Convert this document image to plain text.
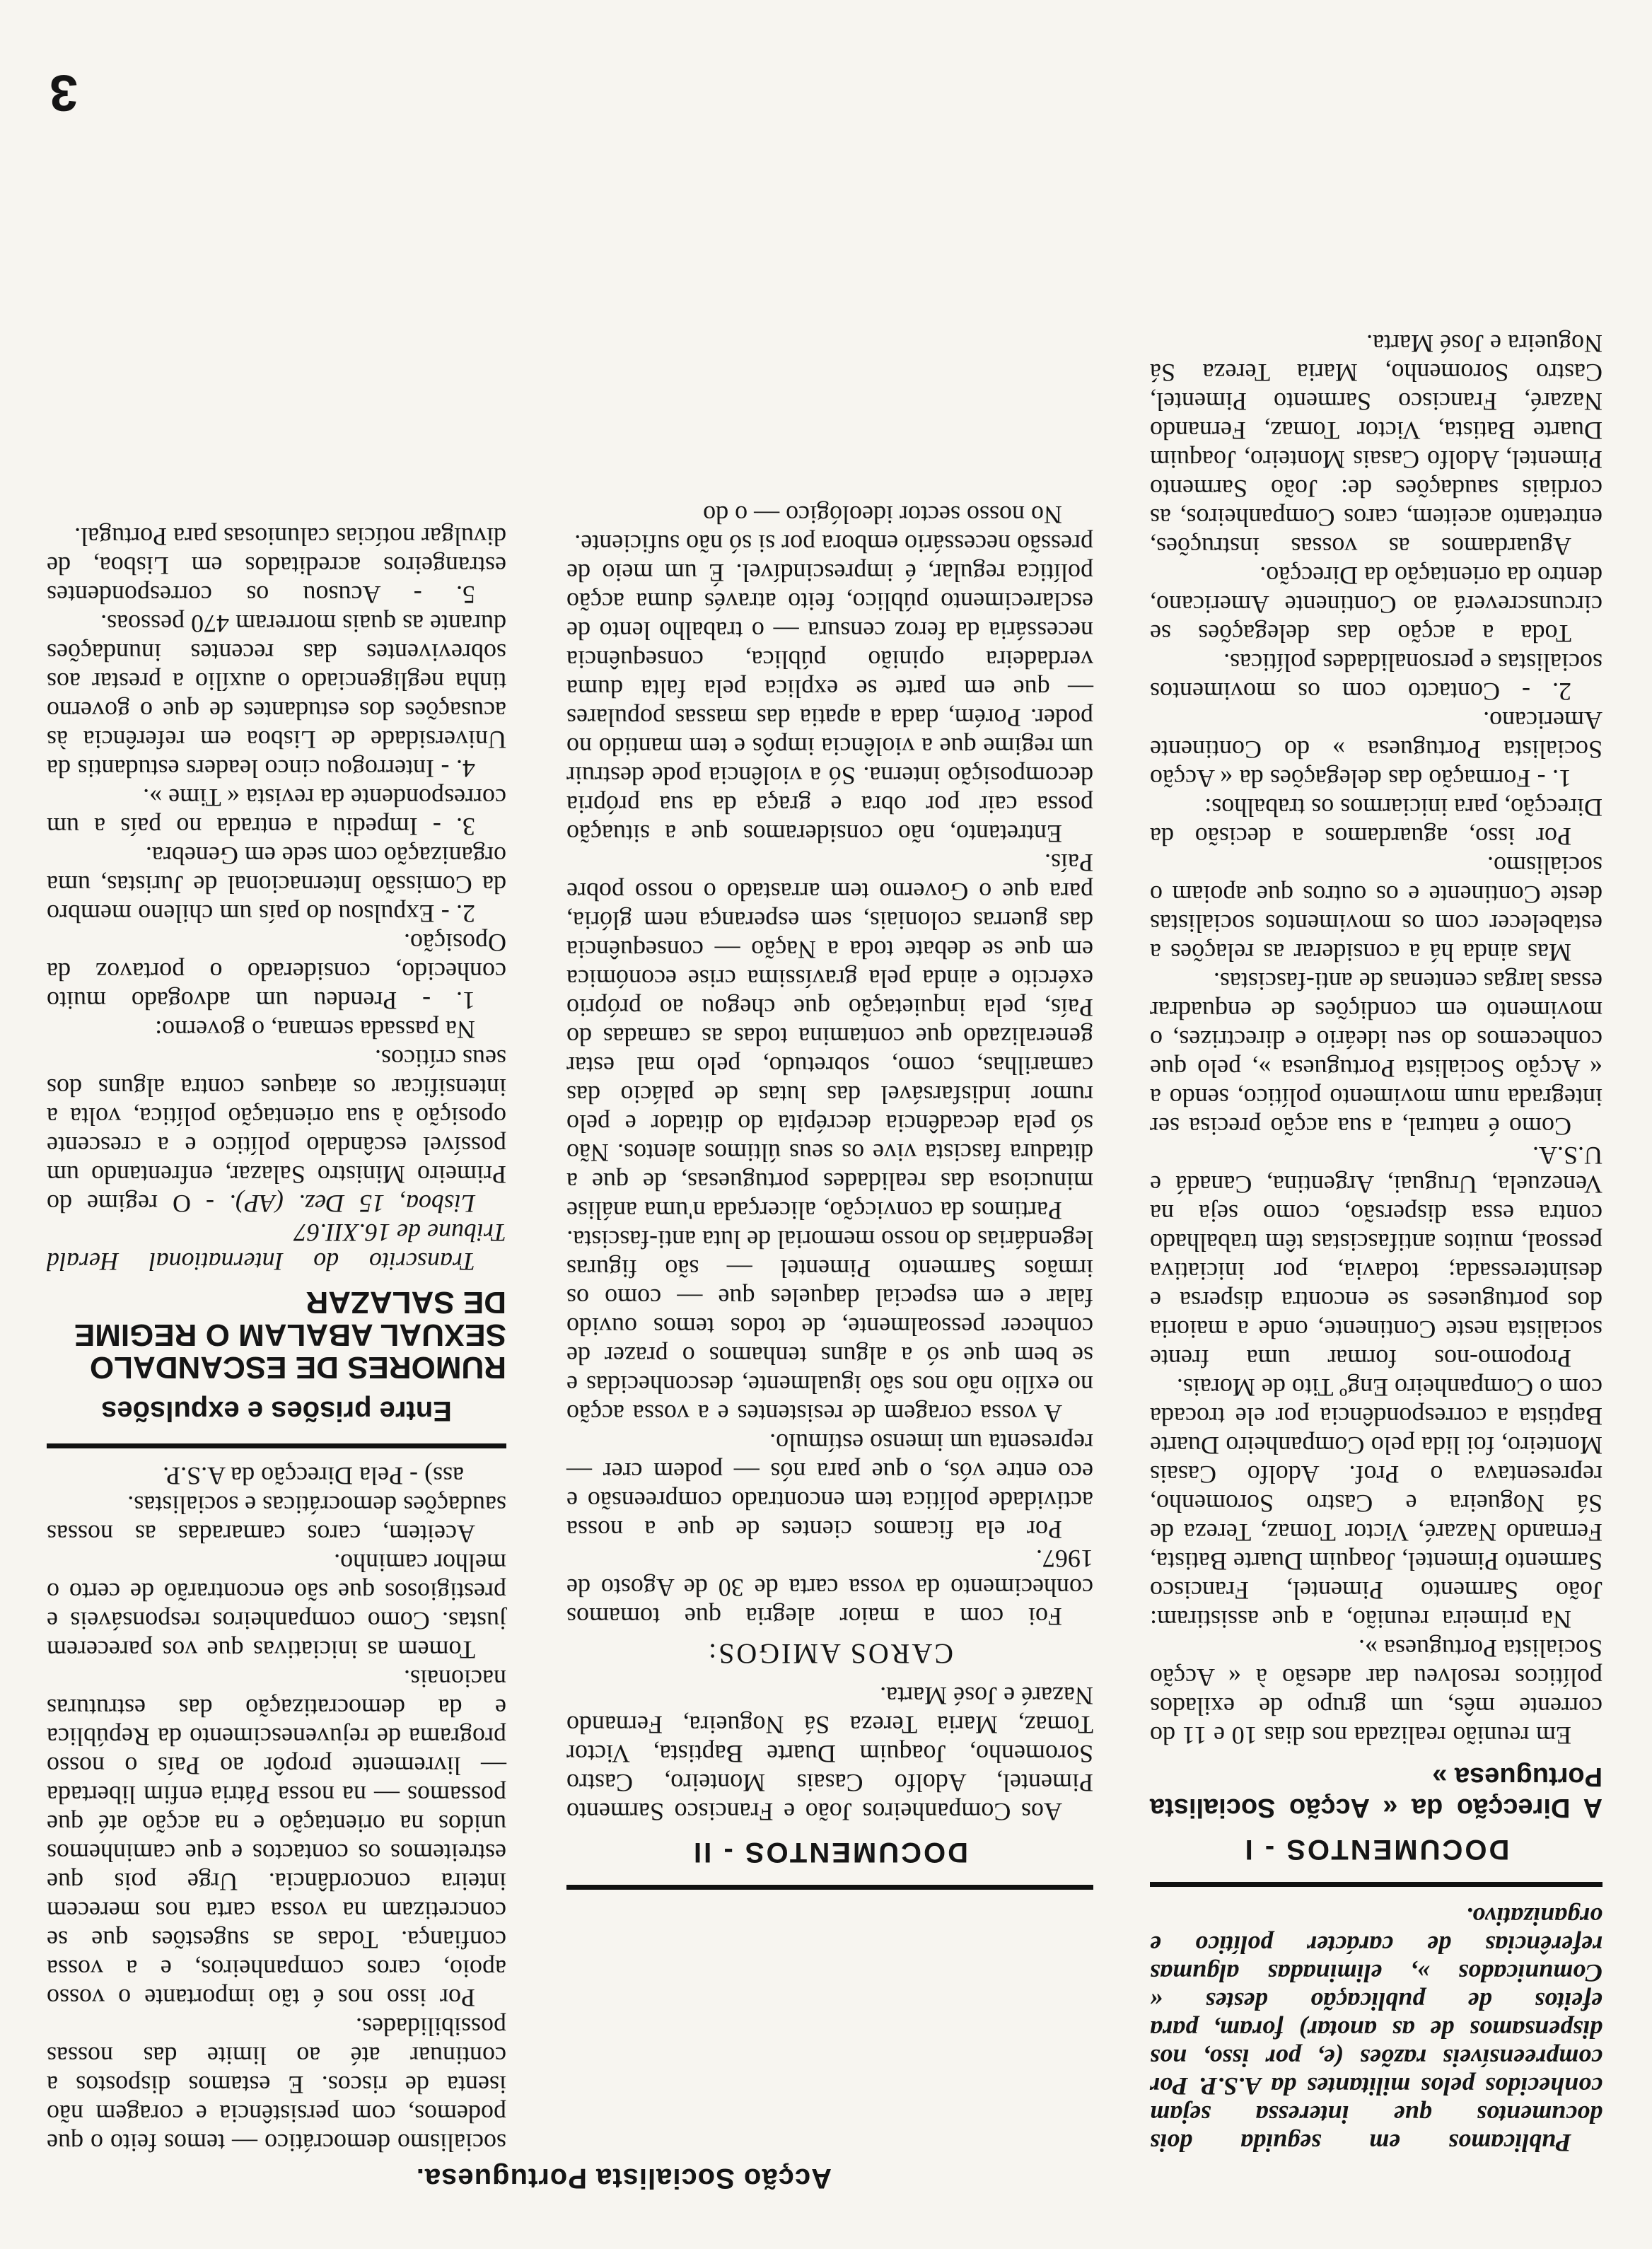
Acção Socialista Portuguesa.

Publicamos em seguida dois documentos que interessa sejam conhecidos pelos militantes da A.S.P. Por compreensíveis razões (e, por isso, nos dispensamos de as anotar) foram, para efeitos de publicação destes « Comunicados », eliminadas algumas referências de carácter político e organizativo.

DOCUMENTOS - I
A Direcção da « Acção Socialista Portuguesa »

Em reunião realizada nos dias 10 e 11 do corrente mês, um grupo de exilados políticos resolveu dar adesão à « Acção Socialista Portuguesa ».

Na primeira reunião, a que assistiram: João Sarmento Pimentel, Francisco Sarmento Pimentel, Joaquim Duarte Batista, Fernando Nazaré, Victor Tomaz, Tereza de Sá Nogueira e Castro Soromenho, representava o Prof. Adolfo Casais Monteiro, foi lida pelo Companheiro Duarte Baptista a correspondência por ele trocada com o Companheiro Engº Tito de Morais.

Propomo-nos formar uma frente socialista neste Continente, onde a maioria dos portugueses se encontra dispersa e desinteressada; todavia, por iniciativa pessoal, muitos antifascistas têm trabalhado contra essa dispersão, como seja na Venezuela, Uruguai, Argentina, Canadá e U.S.A.

Como é natural, a sua acção precisa ser integrada num movimento político, sendo a « Acção Socialista Portuguesa », pelo que conhecemos do seu ideário e directrizes, o movimento em condições de enquadrar essas largas centenas de anti-fascistas.

Mas ainda há a considerar as relações a estabelecer com os movimentos socialistas deste Continente e os outros que apoiam o socialismo.

Por isso, aguardamos a decisão da Direcção, para iniciarmos os trabalhos:

1. - Formação das delegações da « Acção Socialista Portuguesa » do Continente Americano.

2. - Contacto com os movimentos socialistas e personalidades políticas.

Toda a acção das delegações se circunscreverá ao Continente Americano, dentro da orientação da Direcção.

Aguardamos as vossas instruções, entretanto aceitem, caros Companheiros, as cordiais saudações de: João Sarmento Pimentel, Adolfo Casais Monteiro, Joaquim Duarte Batista, Victor Tomaz, Fernando Nazaré, Francisco Sarmento Pimentel, Castro Soromenho, Maria Tereza Sá Nogueira e José Marta.

DOCUMENTOS - II

Aos Companheiros João e Francisco Sarmento Pimentel, Adolfo Casais Monteiro, Castro Soromenho, Joaquim Duarte Baptista, Victor Tomaz, Maria Tereza Sá Nogueira, Fernando Nazaré e José Marta.

CAROS AMIGOS:

Foi com a maior alegria que tomamos conhecimento da vossa carta de 30 de Agosto de 1967.

Por ela ficamos cientes de que a nossa actividade política tem encontrado compreensão e eco entre vós, o que para nós — podem crer — representa um imenso estímulo.

A vossa coragem de resistentes e a vossa acção no exílio não nos são igualmente, desconhecidas e se bem que só a alguns tenhamos o prazer de conhecer pessoalmente, de todos temos ouvido falar e em especial daqueles que — como os irmãos Sarmento Pimentel — são figuras legendárias do nosso memorial de luta anti-fascista.

Partimos da convicção, alicerçada n'uma análise minuciosa das realidades portuguesas, de que a ditadura fascista vive os seus últimos alentos. Não só pela decadência decrépita do ditador e pelo rumor indisfarsável das lutas de palácio das camarilhas, como, sobretudo, pelo mal estar generalizado que contamina todas as camadas do País, pela inquietação que chegou ao próprio exército e ainda pela gravíssima crise económica em que se debate toda a Nação — consequência das guerras coloniais, sem esperança nem glória, para que o Governo tem arrastado o nosso pobre País.

Entretanto, não consideramos que a situação possa cair por obra e graça da sua própria decomposição interna. Só a violência pode destruir um regime que a violência impôs e tem mantido no poder. Porém, dada a apatia das massas populares — que em parte se explica pela falta duma verdadeira opinião pública, consequência necessária da feroz censura — o trabalho lento de esclarecimento público, feito através duma acção política regular, é imprescindível. É um meio de pressão necessário embora por si só não suficiente.

No nosso sector ideológico — o do

socialismo democrático — temos feito o que podemos, com persistência e coragem não isenta de riscos. E estamos dispostos a continuar até ao limite das nossas possibilidades.

Por isso nos é tão importante o vosso apoio, caros companheiros, e a vossa confiança. Todas as sugestões que se concretizam na vossa carta nos merecem inteira concordância. Urge pois que estreitemos os contactos e que caminhemos unidos na orientação e na acção até que possamos — na nossa Pátria enfim libertada — livremente propôr ao País o nosso programa de rejuvenescimento da República e da democratização das estruturas nacionais.

Tomem as iniciativas que vos parecerem justas. Como companheiros responsáveis e prestigiosos que são encontrarão de certo o melhor caminho.

Aceitem, caros camaradas as nossas saudações democráticas e socialistas.

ass) - Pela Direcção da A.S.P.

Entre prisões e expulsões
RUMORES DE ESCANDALO SEXUAL ABALAM O REGIME DE SALAZAR

Transcrito do International Herald Tribune de 16.XII.67

Lisboa, 15 Dez. (AP). - O regime do Primeiro Ministro Salazar, enfrentando um possível escândalo político e a crescente oposição à sua orientação política, volta a intensificar os ataques contra alguns dos seus críticos.

Na passada semana, o governo:

1. - Prendeu um advogado muito conhecido, considerado o portavoz da Oposição.

2. - Expulsou do país um chileno membro da Comissão Internacional de Juristas, uma organização com sede em Genebra.

3. - Impediu a entrada no país a um correspondente da revista « Time ».

4. - Interrogou cinco leaders estudantis da Universidade de Lisboa em referência às acusações dos estudantes de que o governo tinha negligenciado o auxílio a prestar aos sobreviventes das recentes inundações durante as quais morreram 470 pessoas.

5. - Acusou os correspondentes estrangeiros acreditados em Lisboa, de divulgar notícias caluniosas para Portugal.

3
